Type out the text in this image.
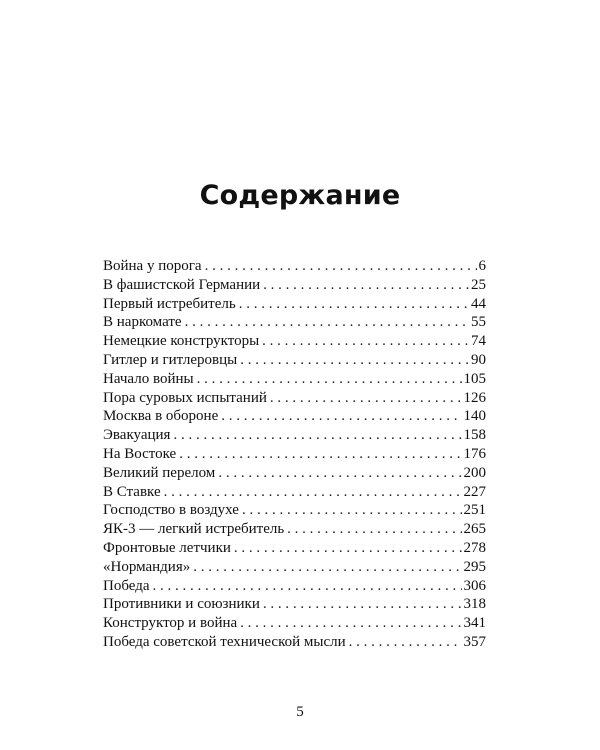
Содержание
Война у порога . . .	6
В фашистской Германии . . .	25
Первый истребитель . . .	44
В наркомате . . .	55
Немецкие конструкторы . . .	74
Гитлер и гитлеровцы . . .	90
Начало войны . . .	105
Пора суровых испытаний . . .	126
Москва в обороне . . .	140
Эвакуация . . .	158
На Востоке . . .	176
Великий перелом . . .	200
В Ставке . . .	227
Господство в воздухе . . .	251
ЯК-3 — легкий истребитель . . .	265
Фронтовые летчики . . .	278
«Нормандия» . . .	295
Победа . . .	306
Противники и союзники . . .	318
Конструктор и война . . .	341
Победа советской технической мысли . . .	357
5
